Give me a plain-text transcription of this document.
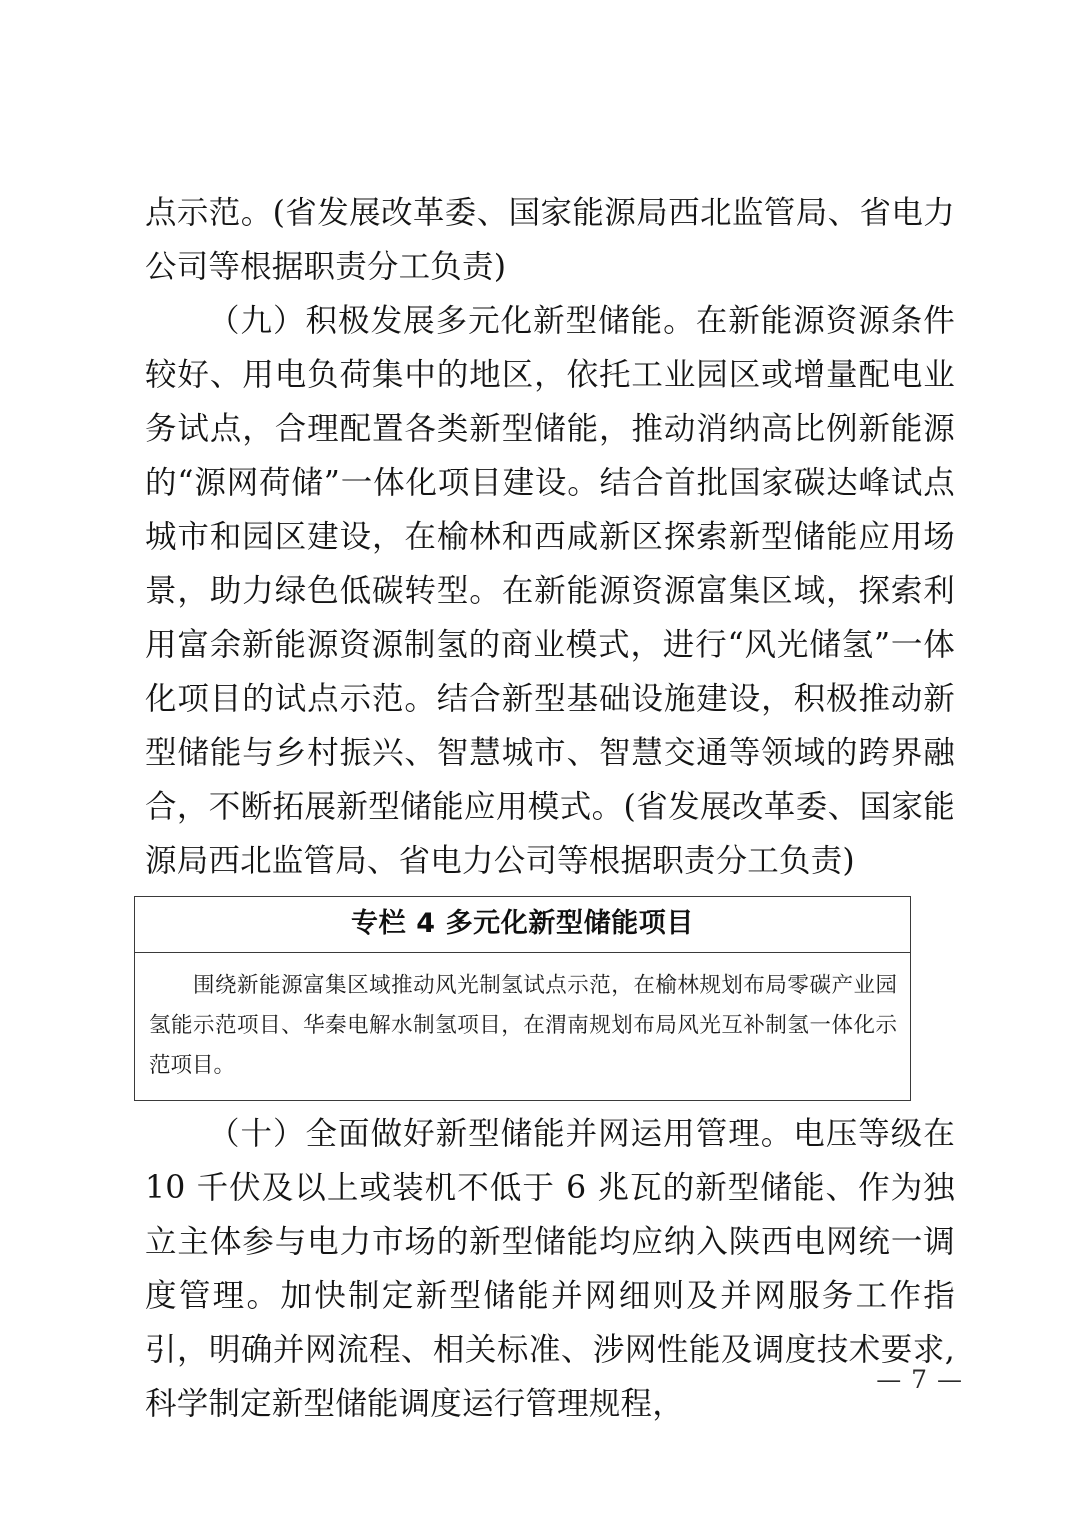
点示范。(省发展改革委、国家能源局西北监管局、省电力公司等根据职责分工负责)

（九）积极发展多元化新型储能。在新能源资源条件较好、用电负荷集中的地区，依托工业园区或增量配电业务试点，合理配置各类新型储能，推动消纳高比例新能源的“源网荷储”一体化项目建设。结合首批国家碳达峰试点城市和园区建设，在榆林和西咸新区探索新型储能应用场景，助力绿色低碳转型。在新能源资源富集区域，探索利用富余新能源资源制氢的商业模式，进行“风光储氢”一体化项目的试点示范。结合新型基础设施建设，积极推动新型储能与乡村振兴、智慧城市、智慧交通等领域的跨界融合，不断拓展新型储能应用模式。(省发展改革委、国家能源局西北监管局、省电力公司等根据职责分工负责)

专栏 4 多元化新型储能项目

围绕新能源富集区域推动风光制氢试点示范，在榆林规划布局零碳产业园氢能示范项目、华秦电解水制氢项目，在渭南规划布局风光互补制氢一体化示范项目。

（十）全面做好新型储能并网运用管理。电压等级在 10 千伏及以上或装机不低于 6 兆瓦的新型储能、作为独立主体参与电力市场的新型储能均应纳入陕西电网统一调度管理。加快制定新型储能并网细则及并网服务工作指引，明确并网流程、相关标准、涉网性能及调度技术要求,科学制定新型储能调度运行管理规程，

— 7 —
